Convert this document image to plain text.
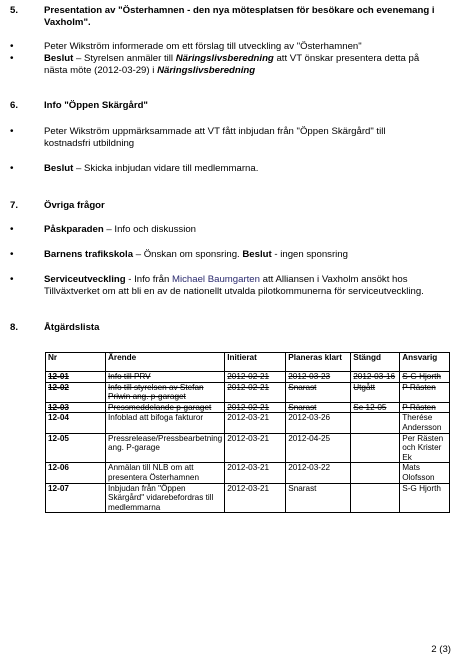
5.	Presentation av "Österhamnen - den nya mötesplatsen för besökare och evenemang i Vaxholm".
•	Peter Wikström informerade om ett förslag till utveckling av "Österhamnen"
•	Beslut – Styrelsen anmäler till Näringslivsberedning att VT önskar presentera detta på nästa möte (2012-03-29) i Näringslivsberedning
6.	Info "Öppen Skärgård"
•	Peter Wikström uppmärksammade att VT fått inbjudan från "Öppen Skärgård" till kostnadsfri utbildning
•	Beslut – Skicka inbjudan vidare till medlemmarna.
7.	Övriga frågor
•	Påskparaden – Info och diskussion
•	Barnens trafikskola – Önskan om sponsring. Beslut - ingen sponsring
•	Serviceutveckling - Info från Michael Baumgarten att Alliansen i Vaxholm ansökt hos Tillväxtverket om att bli en av de nationellt utvalda pilotkommunerna för serviceutveckling.
8.	Åtgärdslista
Nr	Ärende	Initierat	Planeras klart	Stängd	Ansvarig
12-01	Info till PRV	2012-02-21	2012-03-23	2012-03-16	S-G Hjorth
12-02	Info till styrelsen av Stefan Priwin ang. p-garaget	2012-02-21	Snarast	Utgått	P Rästen
12-03	Pressmeddelande p-garaget	2012-02-21	Snarast	Se 12-05	P Rästen
12-04	Infoblad att bifoga fakturor	2012-03-21	2012-03-26		Therése Andersson
12-05	Pressrelease/Pressbearbetning ang. P-garage	2012-03-21	2012-04-25		Per Rästen och Krister Ek
12-06	Anmälan till NLB om att presentera Österhamnen	2012-03-21	2012-03-22		Mats Olofsson
12-07	Inbjudan från "Öppen Skärgård" vidarebefordras till medlemmarna	2012-03-21	Snarast		S-G Hjorth
2 (3)
